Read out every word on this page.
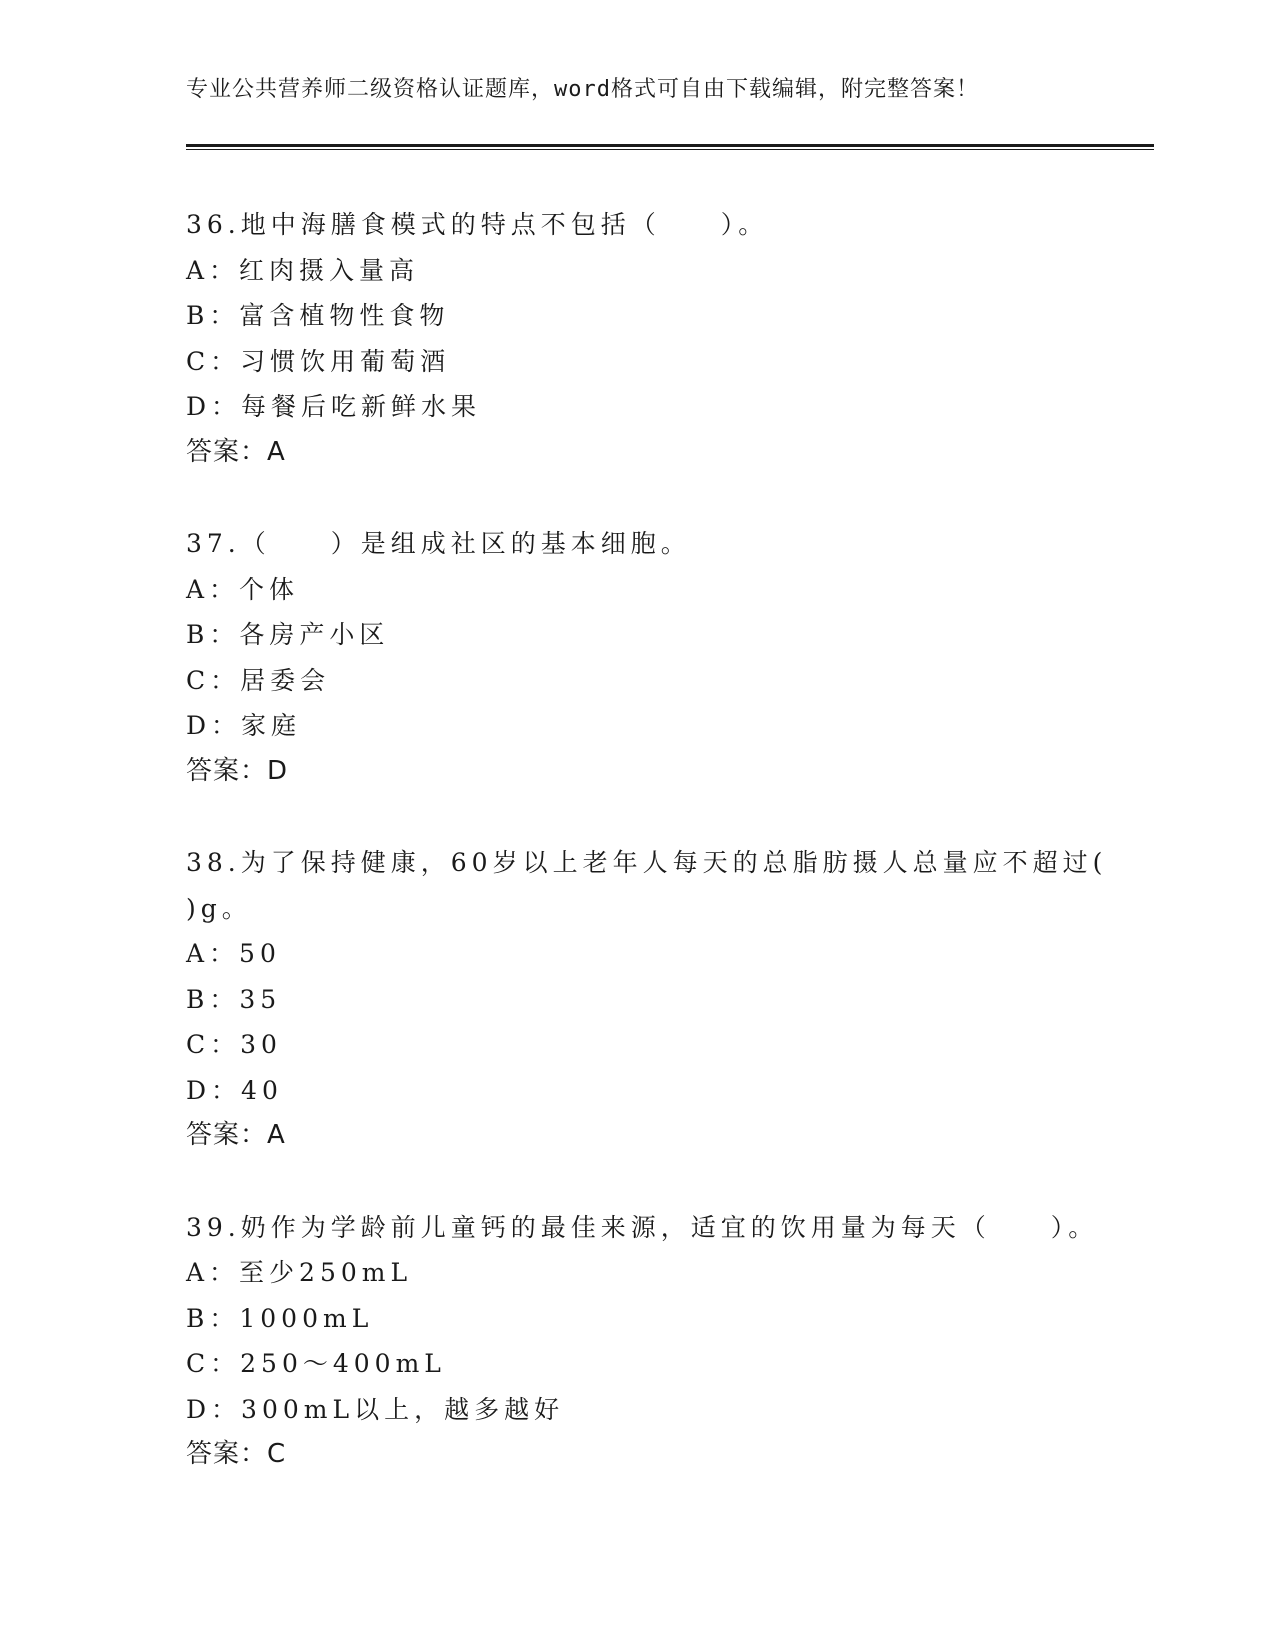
专业公共营养师二级资格认证题库，word格式可自由下载编辑，附完整答案！
36.地中海膳食模式的特点不包括（　　）。
A：红肉摄入量高
B：富含植物性食物
C：习惯饮用葡萄酒
D：每餐后吃新鲜水果
答案：A
37.（　　）是组成社区的基本细胞。
A：个体
B：各房产小区
C：居委会
D：家庭
答案：D
38.为了保持健康，60岁以上老年人每天的总脂肪摄人总量应不超过(
)g。
A：50
B：35
C：30
D：40
答案：A
39.奶作为学龄前儿童钙的最佳来源，适宜的饮用量为每天（　　）。
A：至少250mL
B：1000mL
C：250～400mL
D：300mL以上，越多越好
答案：C
